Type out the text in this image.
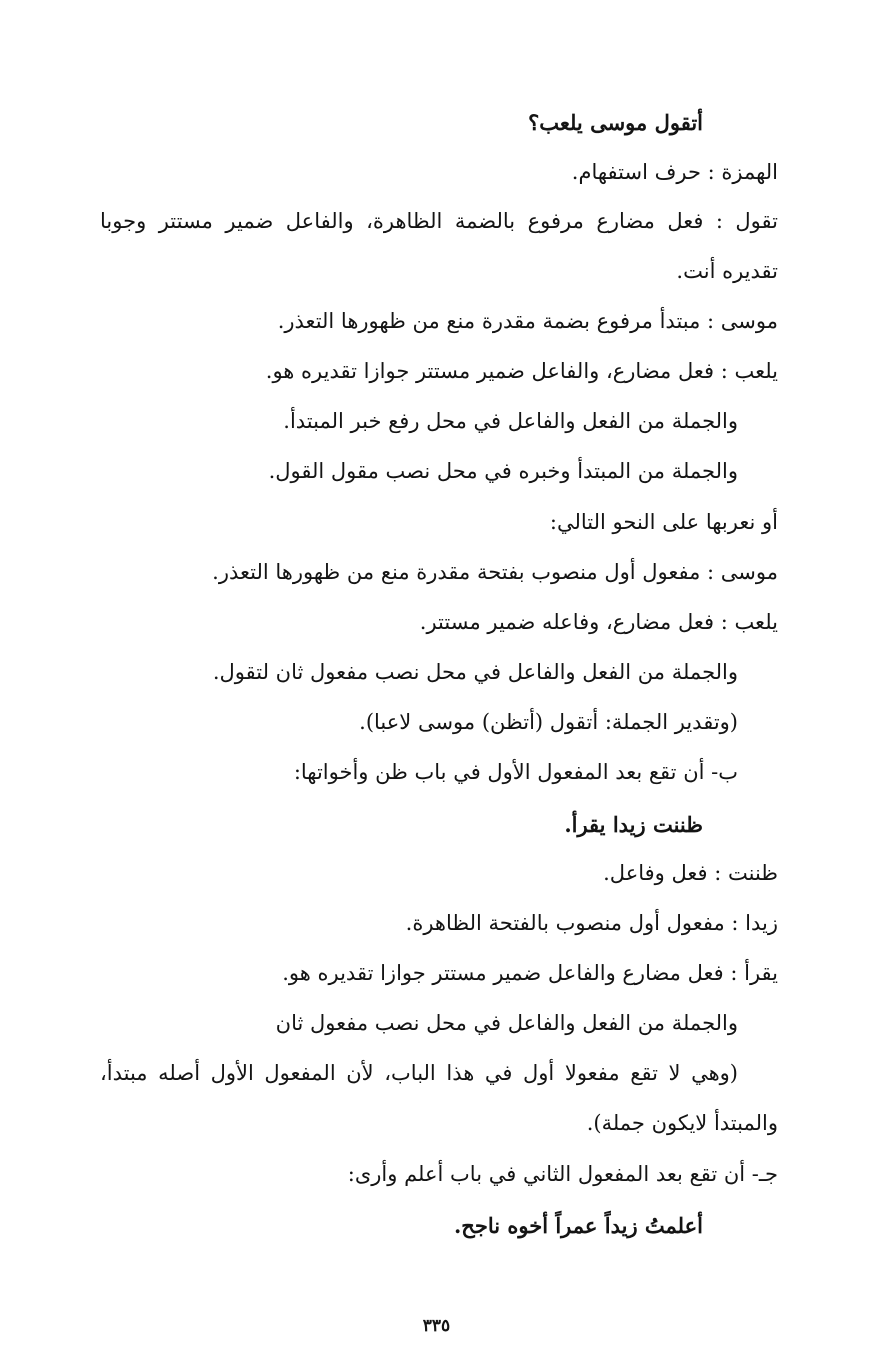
أتقول موسى يلعب؟
الهمزة : حرف استفهام.
تقول : فعل مضارع مرفوع بالضمة الظاهرة، والفاعل ضمير مستتر وجوبا
تقديره أنت.
موسى : مبتدأ مرفوع بضمة مقدرة منع من ظهورها التعذر.
يلعب : فعل مضارع، والفاعل ضمير مستتر جوازا تقديره هو.
والجملة من الفعل والفاعل في محل رفع خبر المبتدأ.
والجملة من المبتدأ وخبره في محل نصب مقول القول.
أو نعربها على النحو التالي:
موسى : مفعول أول منصوب بفتحة مقدرة منع من ظهورها التعذر.
يلعب : فعل مضارع، وفاعله ضمير مستتر.
والجملة من الفعل والفاعل في محل نصب مفعول ثان لتقول.
(وتقدير الجملة: أتقول (أتظن) موسى لاعبا).
ب- أن تقع بعد المفعول الأول في باب ظن وأخواتها:
ظننت زيدا يقرأ.
ظننت : فعل وفاعل.
زيدا : مفعول أول منصوب بالفتحة الظاهرة.
يقرأ : فعل مضارع والفاعل ضمير مستتر جوازا تقديره هو.
والجملة من الفعل والفاعل في محل نصب مفعول ثان
(وهي لا تقع مفعولا أول في هذا الباب، لأن المفعول الأول أصله مبتدأ،
والمبتدأ لايكون جملة).
جـ- أن تقع بعد المفعول الثاني في باب أعلم وأرى:
أعلمتُ زيداً عمراً أخوه ناجح.
٣٣٥
